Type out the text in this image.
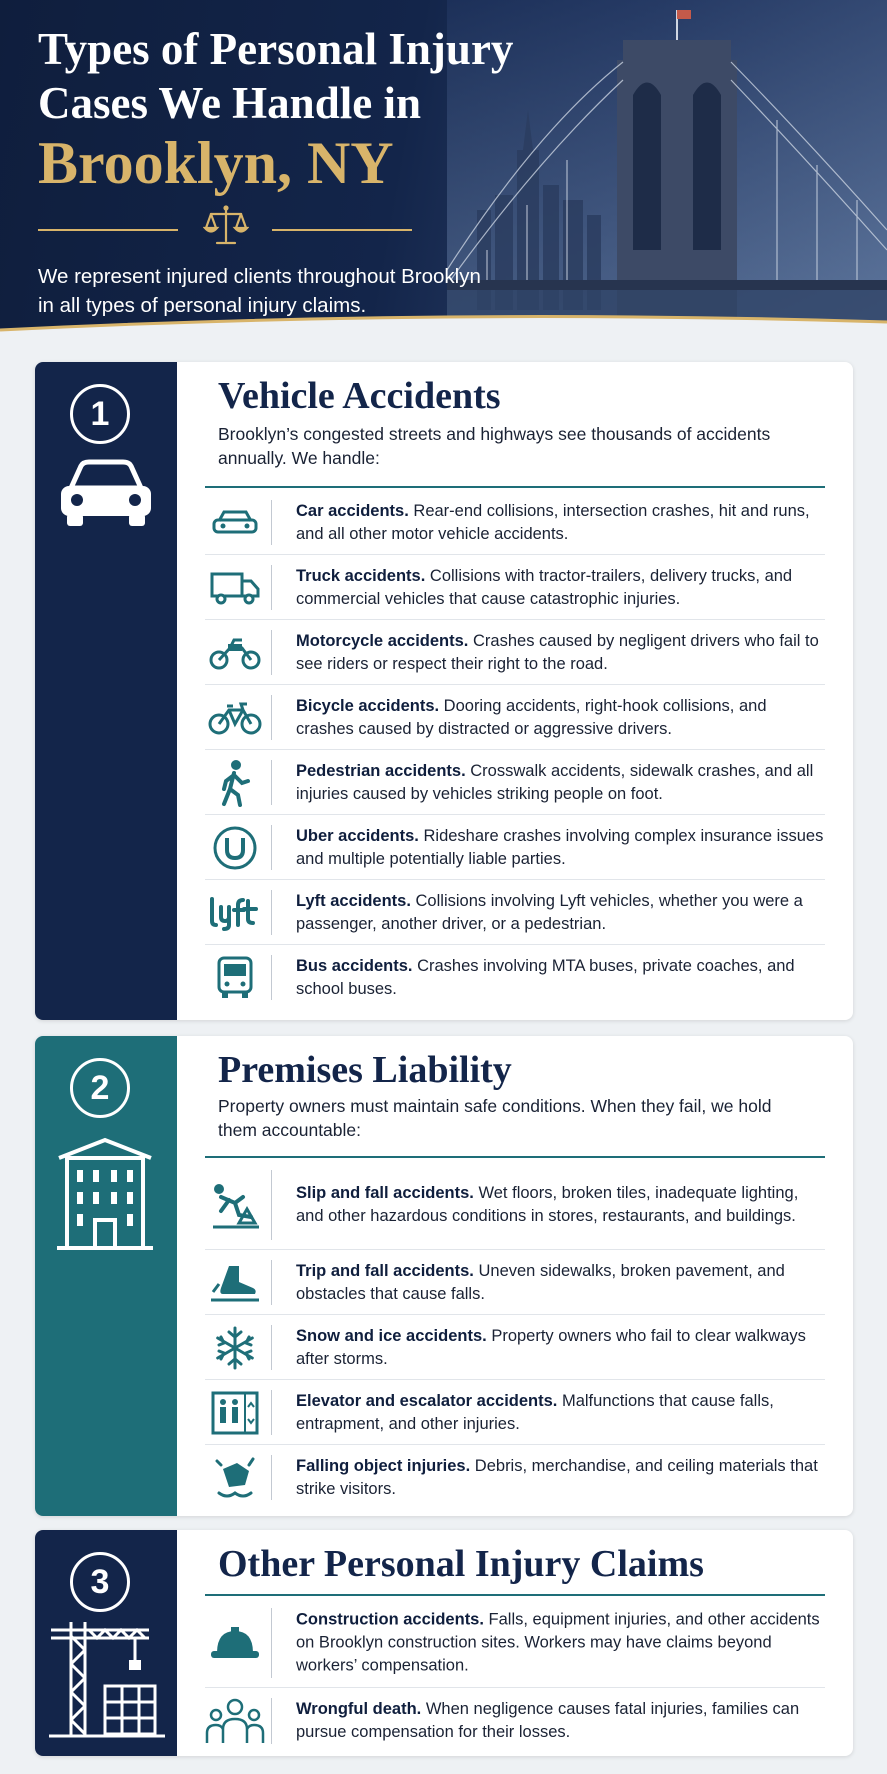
Types of Personal Injury
Cases We Handle in
Brooklyn, NY
We represent injured clients throughout Brooklyn in all types of personal injury claims.
1	Vehicle Accidents
Brooklyn’s congested streets and highways see thousands of accidents annually. We handle:
Car accidents. Rear-end collisions, intersection crashes, hit and runs, and all other motor vehicle accidents.
Truck accidents. Collisions with tractor-trailers, delivery trucks, and commercial vehicles that cause catastrophic injuries.
Motorcycle accidents. Crashes caused by negligent drivers who fail to see riders or respect their right to the road.
Bicycle accidents. Dooring accidents, right-hook collisions, and crashes caused by distracted or aggressive drivers.
Pedestrian accidents. Crosswalk accidents, sidewalk crashes, and all injuries caused by vehicles striking people on foot.
Uber accidents. Rideshare crashes involving complex insurance issues and multiple potentially liable parties.
Lyft accidents. Collisions involving Lyft vehicles, whether you were a passenger, another driver, or a pedestrian.
Bus accidents. Crashes involving MTA buses, private coaches, and school buses.
2	Premises Liability
Property owners must maintain safe conditions. When they fail, we hold them accountable:
Slip and fall accidents. Wet floors, broken tiles, inadequate lighting, and other hazardous conditions in stores, restaurants, and buildings.
Trip and fall accidents. Uneven sidewalks, broken pavement, and obstacles that cause falls.
Snow and ice accidents. Property owners who fail to clear walkways after storms.
Elevator and escalator accidents. Malfunctions that cause falls, entrapment, and other injuries.
Falling object injuries. Debris, merchandise, and ceiling materials that strike visitors.
3	Other Personal Injury Claims
Construction accidents. Falls, equipment injuries, and other accidents on Brooklyn construction sites. Workers may have claims beyond workers’ compensation.
Wrongful death. When negligence causes fatal injuries, families can pursue compensation for their losses.
